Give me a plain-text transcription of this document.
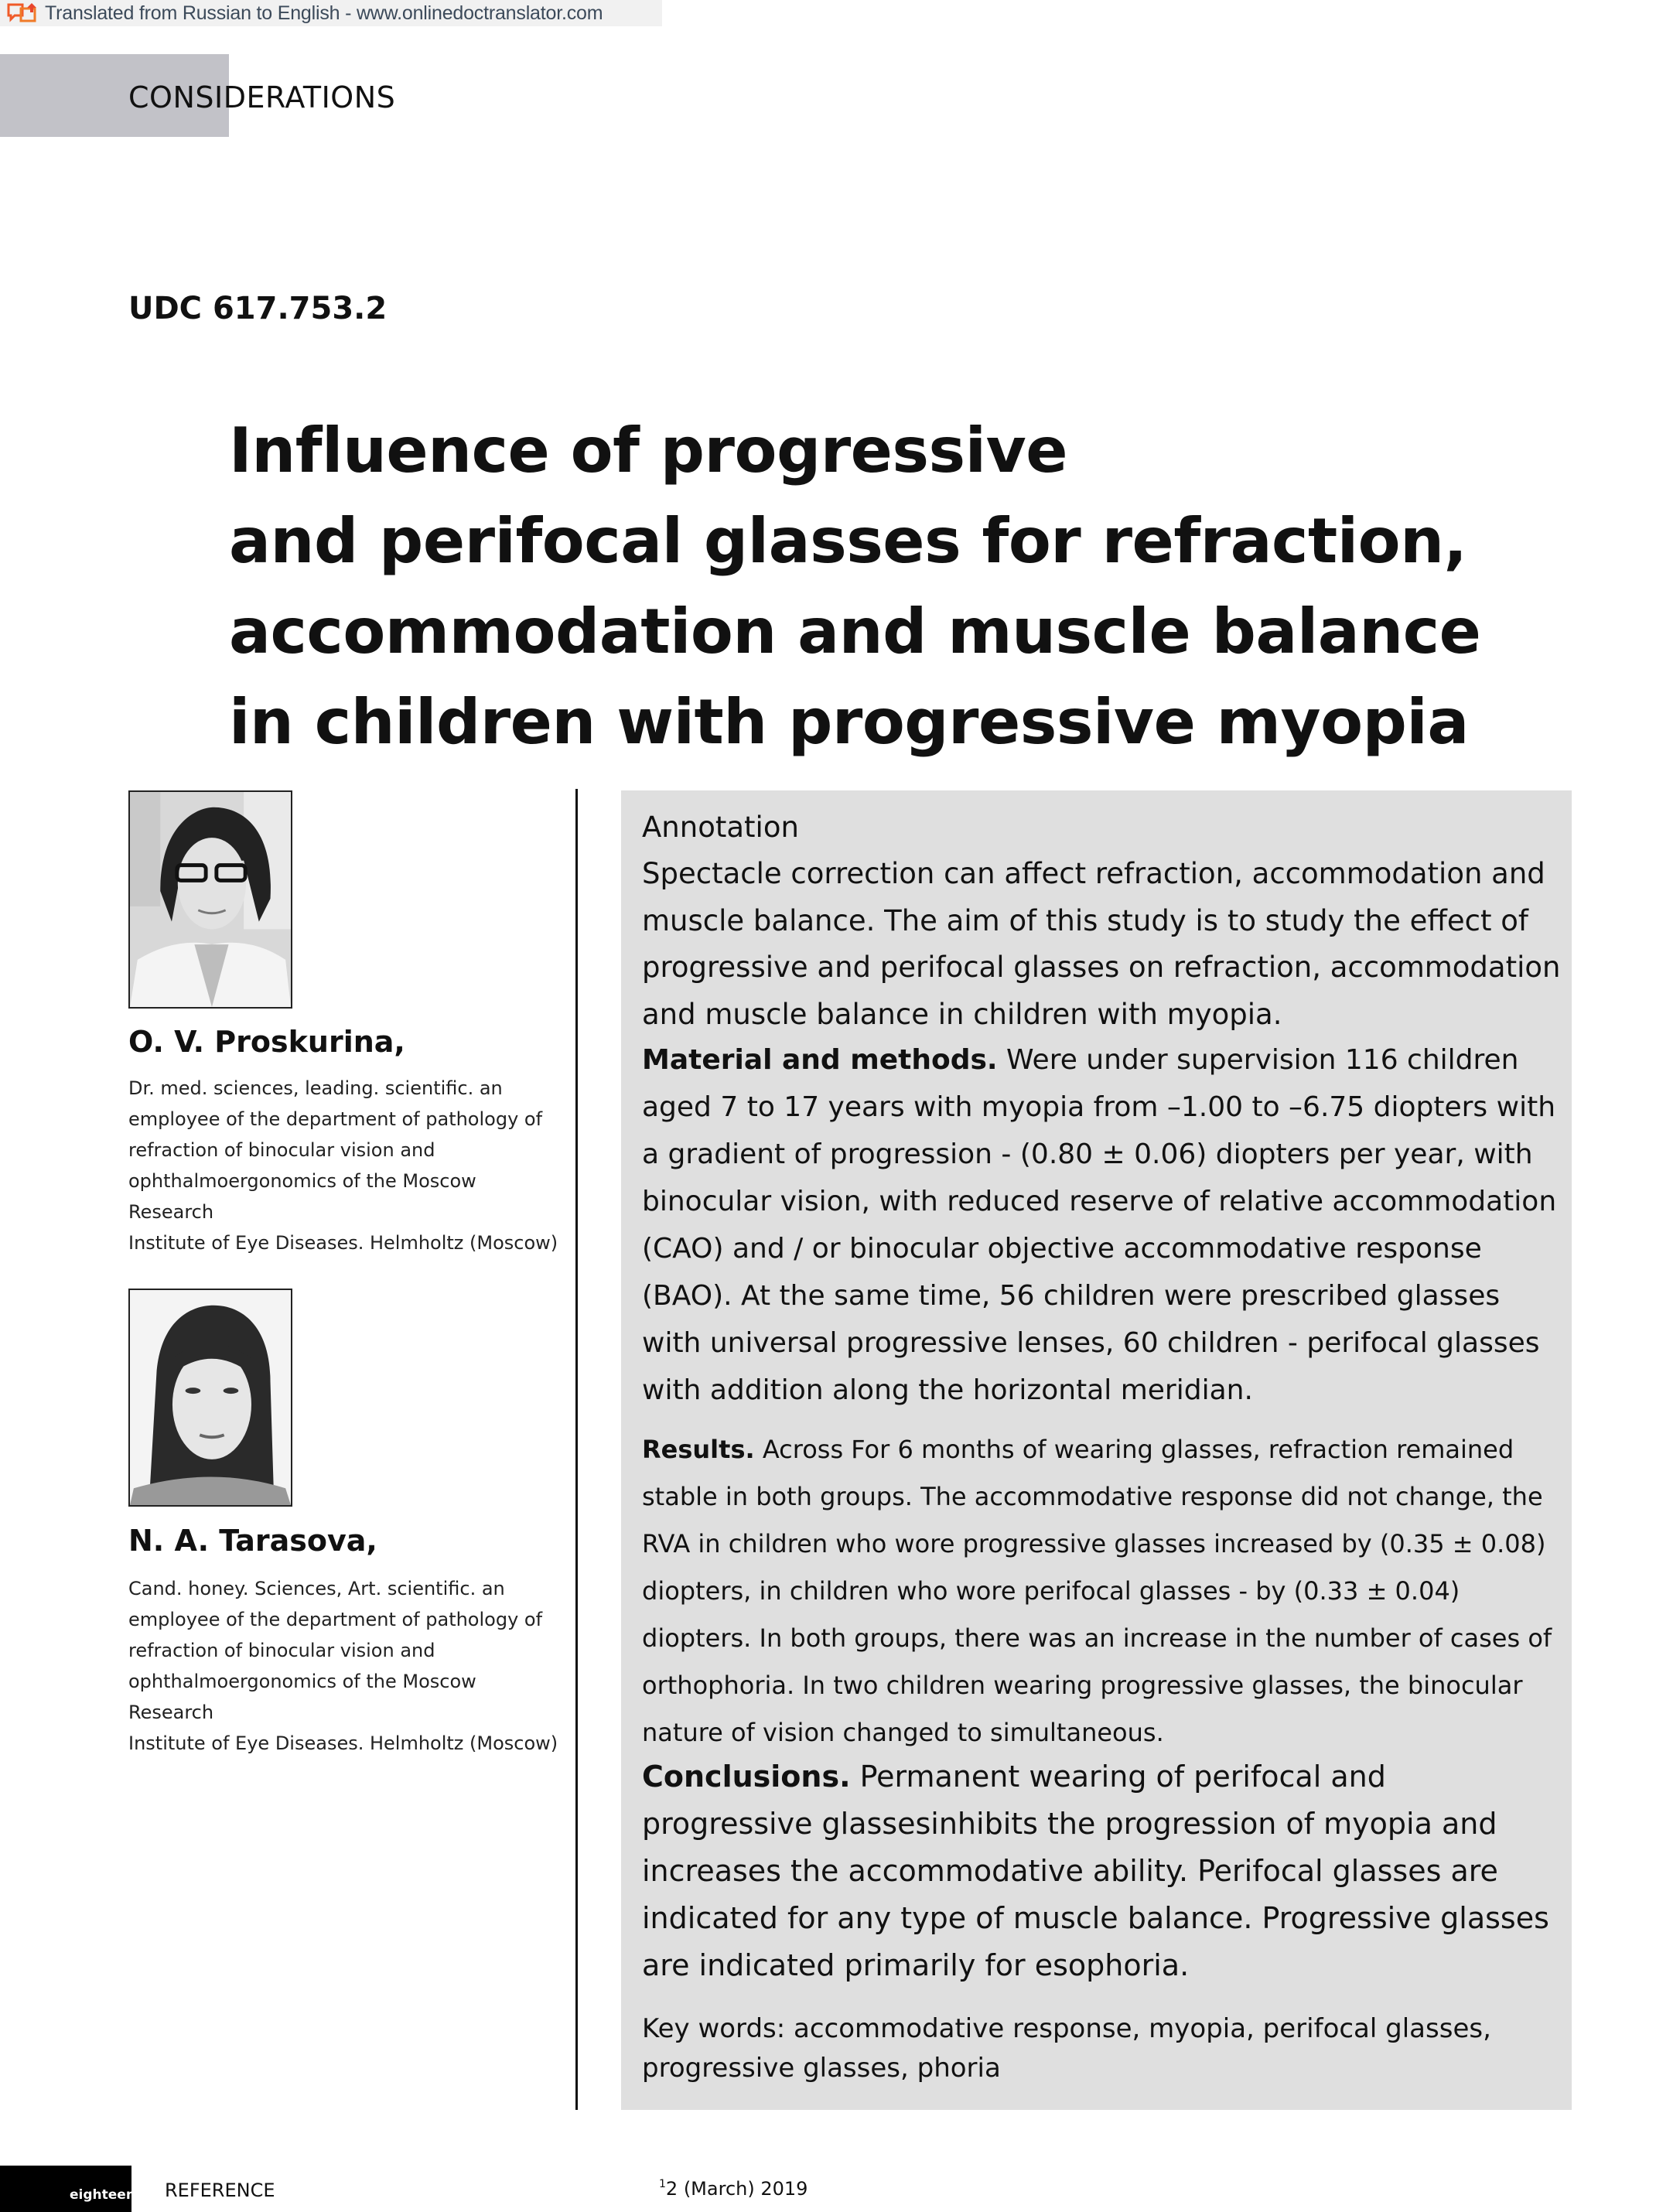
Translated from Russian to English - www.onlinedoctranslator.com
CONSIDERATIONS
UDC 617.753.2
Influence of progressive
and perifocal glasses for refraction,
accommodation and muscle balance
in children with progressive myopia
O. V. Proskurina,
Dr. med. sciences, leading. scientific. an
employee of the department of pathology of
refraction of binocular vision and
ophthalmoergonomics of the Moscow Research
Institute of Eye Diseases. Helmholtz (Moscow)
N. A. Tarasova,
Cand. honey. Sciences, Art. scientific. an
employee of the department of pathology of
refraction of binocular vision and
ophthalmoergonomics of the Moscow Research
Institute of Eye Diseases. Helmholtz (Moscow)
Annotation
Spectacle correction can affect refraction, accommodation and muscle balance. The aim of this study is to study the effect of progressive and perifocal glasses on refraction, accommodation and muscle balance in children with myopia.
Material and methods. Were under supervision 116 children aged 7 to 17 years with myopia from –1.00 to –6.75 diopters with a gradient of progression - (0.80 ± 0.06) diopters per year, with binocular vision, with reduced reserve of relative accommodation (CAO) and / or binocular objective accommodative response (BAO). At the same time, 56 children were prescribed glasses with universal progressive lenses, 60 children - perifocal glasses with addition along the horizontal meridian.
Results. Across For 6 months of wearing glasses, refraction remained stable in both groups. The accommodative response did not change, the RVA in children who wore progressive glasses increased by (0.35 ± 0.08) diopters, in children who wore perifocal glasses - by (0.33 ± 0.04) diopters. In both groups, there was an increase in the number of cases of orthophoria. In two children wearing progressive glasses, the binocular nature of vision changed to simultaneous.
Conclusions. Permanent wearing of perifocal and progressive glassesinhibits the progression of myopia and increases the accommodative ability. Perifocal glasses are indicated for any type of muscle balance. Progressive glasses are indicated primarily for esophoria.
Key words: accommodative response, myopia, perifocal glasses, progressive glasses, phoria
eighteen REFERENCE	$^1$2 (March) 2019
